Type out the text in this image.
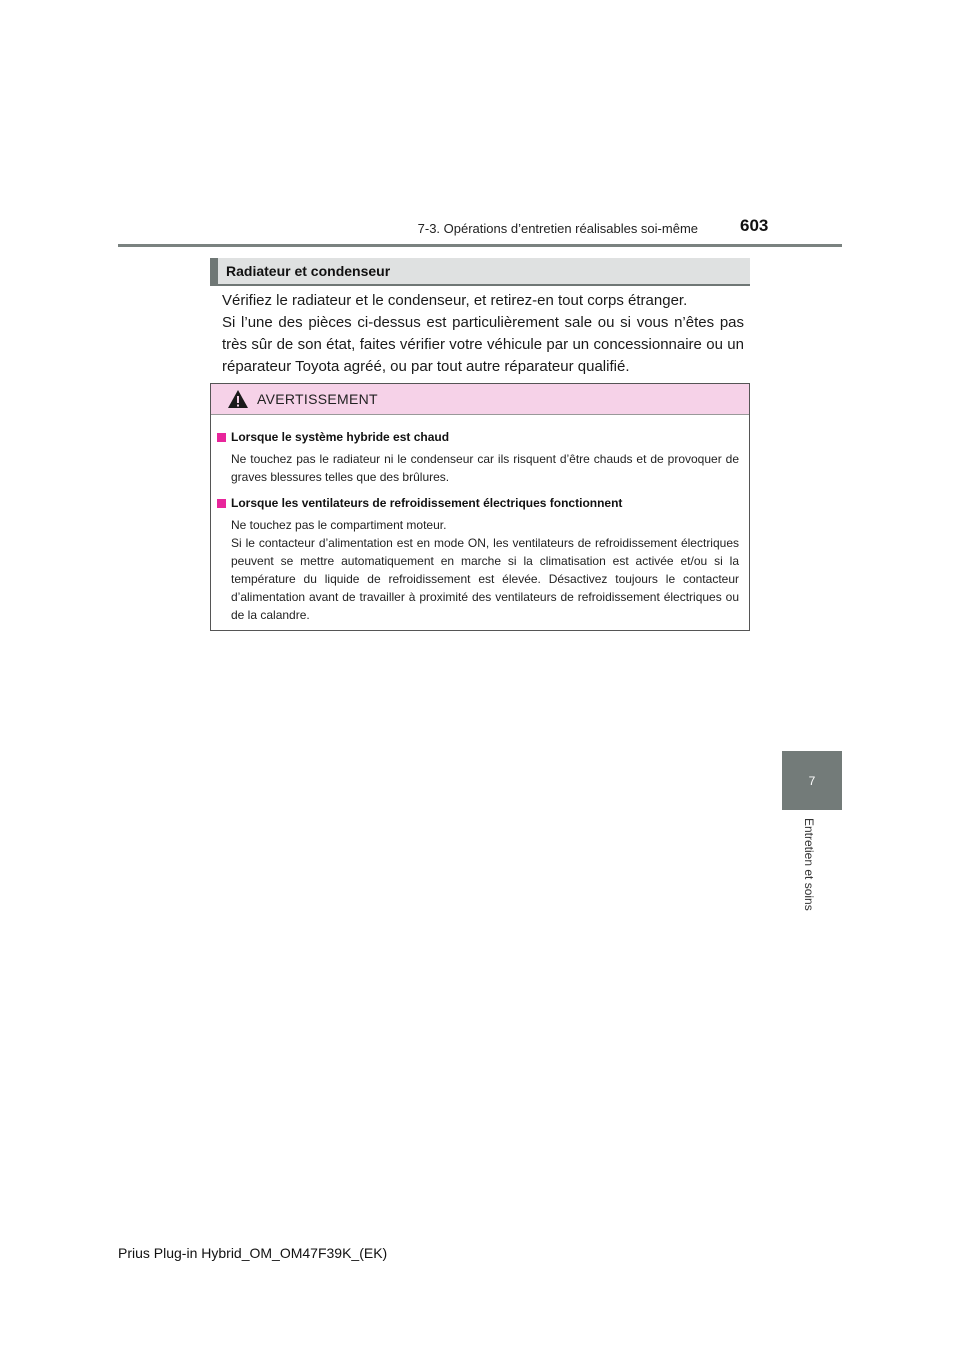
7-3. Opérations d’entretien réalisables soi-même 603
7
Entretien et soins
Radiateur et condenseur

Vérifiez le radiateur et le condenseur, et retirez-en tout corps étranger.

Si l’une des pièces ci-dessus est particulièrement sale ou si vous n’êtes pas très sûr de son état, faites vérifier votre véhicule par un concessionnaire ou un réparateur Toyota agréé, ou par tout autre réparateur qualifié.

AVERTISSEMENT
Lorsque le système hybride est chaud

Ne touchez pas le radiateur ni le condenseur car ils risquent d’être chauds et de provoquer de graves blessures telles que des brûlures.

Lorsque les ventilateurs de refroidissement électriques fonctionnent

Ne touchez pas le compartiment moteur.

Si le contacteur d’alimentation est en mode ON, les ventilateurs de refroidissement électriques peuvent se mettre automatiquement en marche si la climatisation est activée et/ou si la température du liquide de refroidissement est élevée. Désactivez toujours le contacteur d’alimentation avant de travailler à proximité des ventilateurs de refroidissement électriques ou de la calandre.

Prius Plug-in Hybrid_OM_OM47F39K_(EK)
